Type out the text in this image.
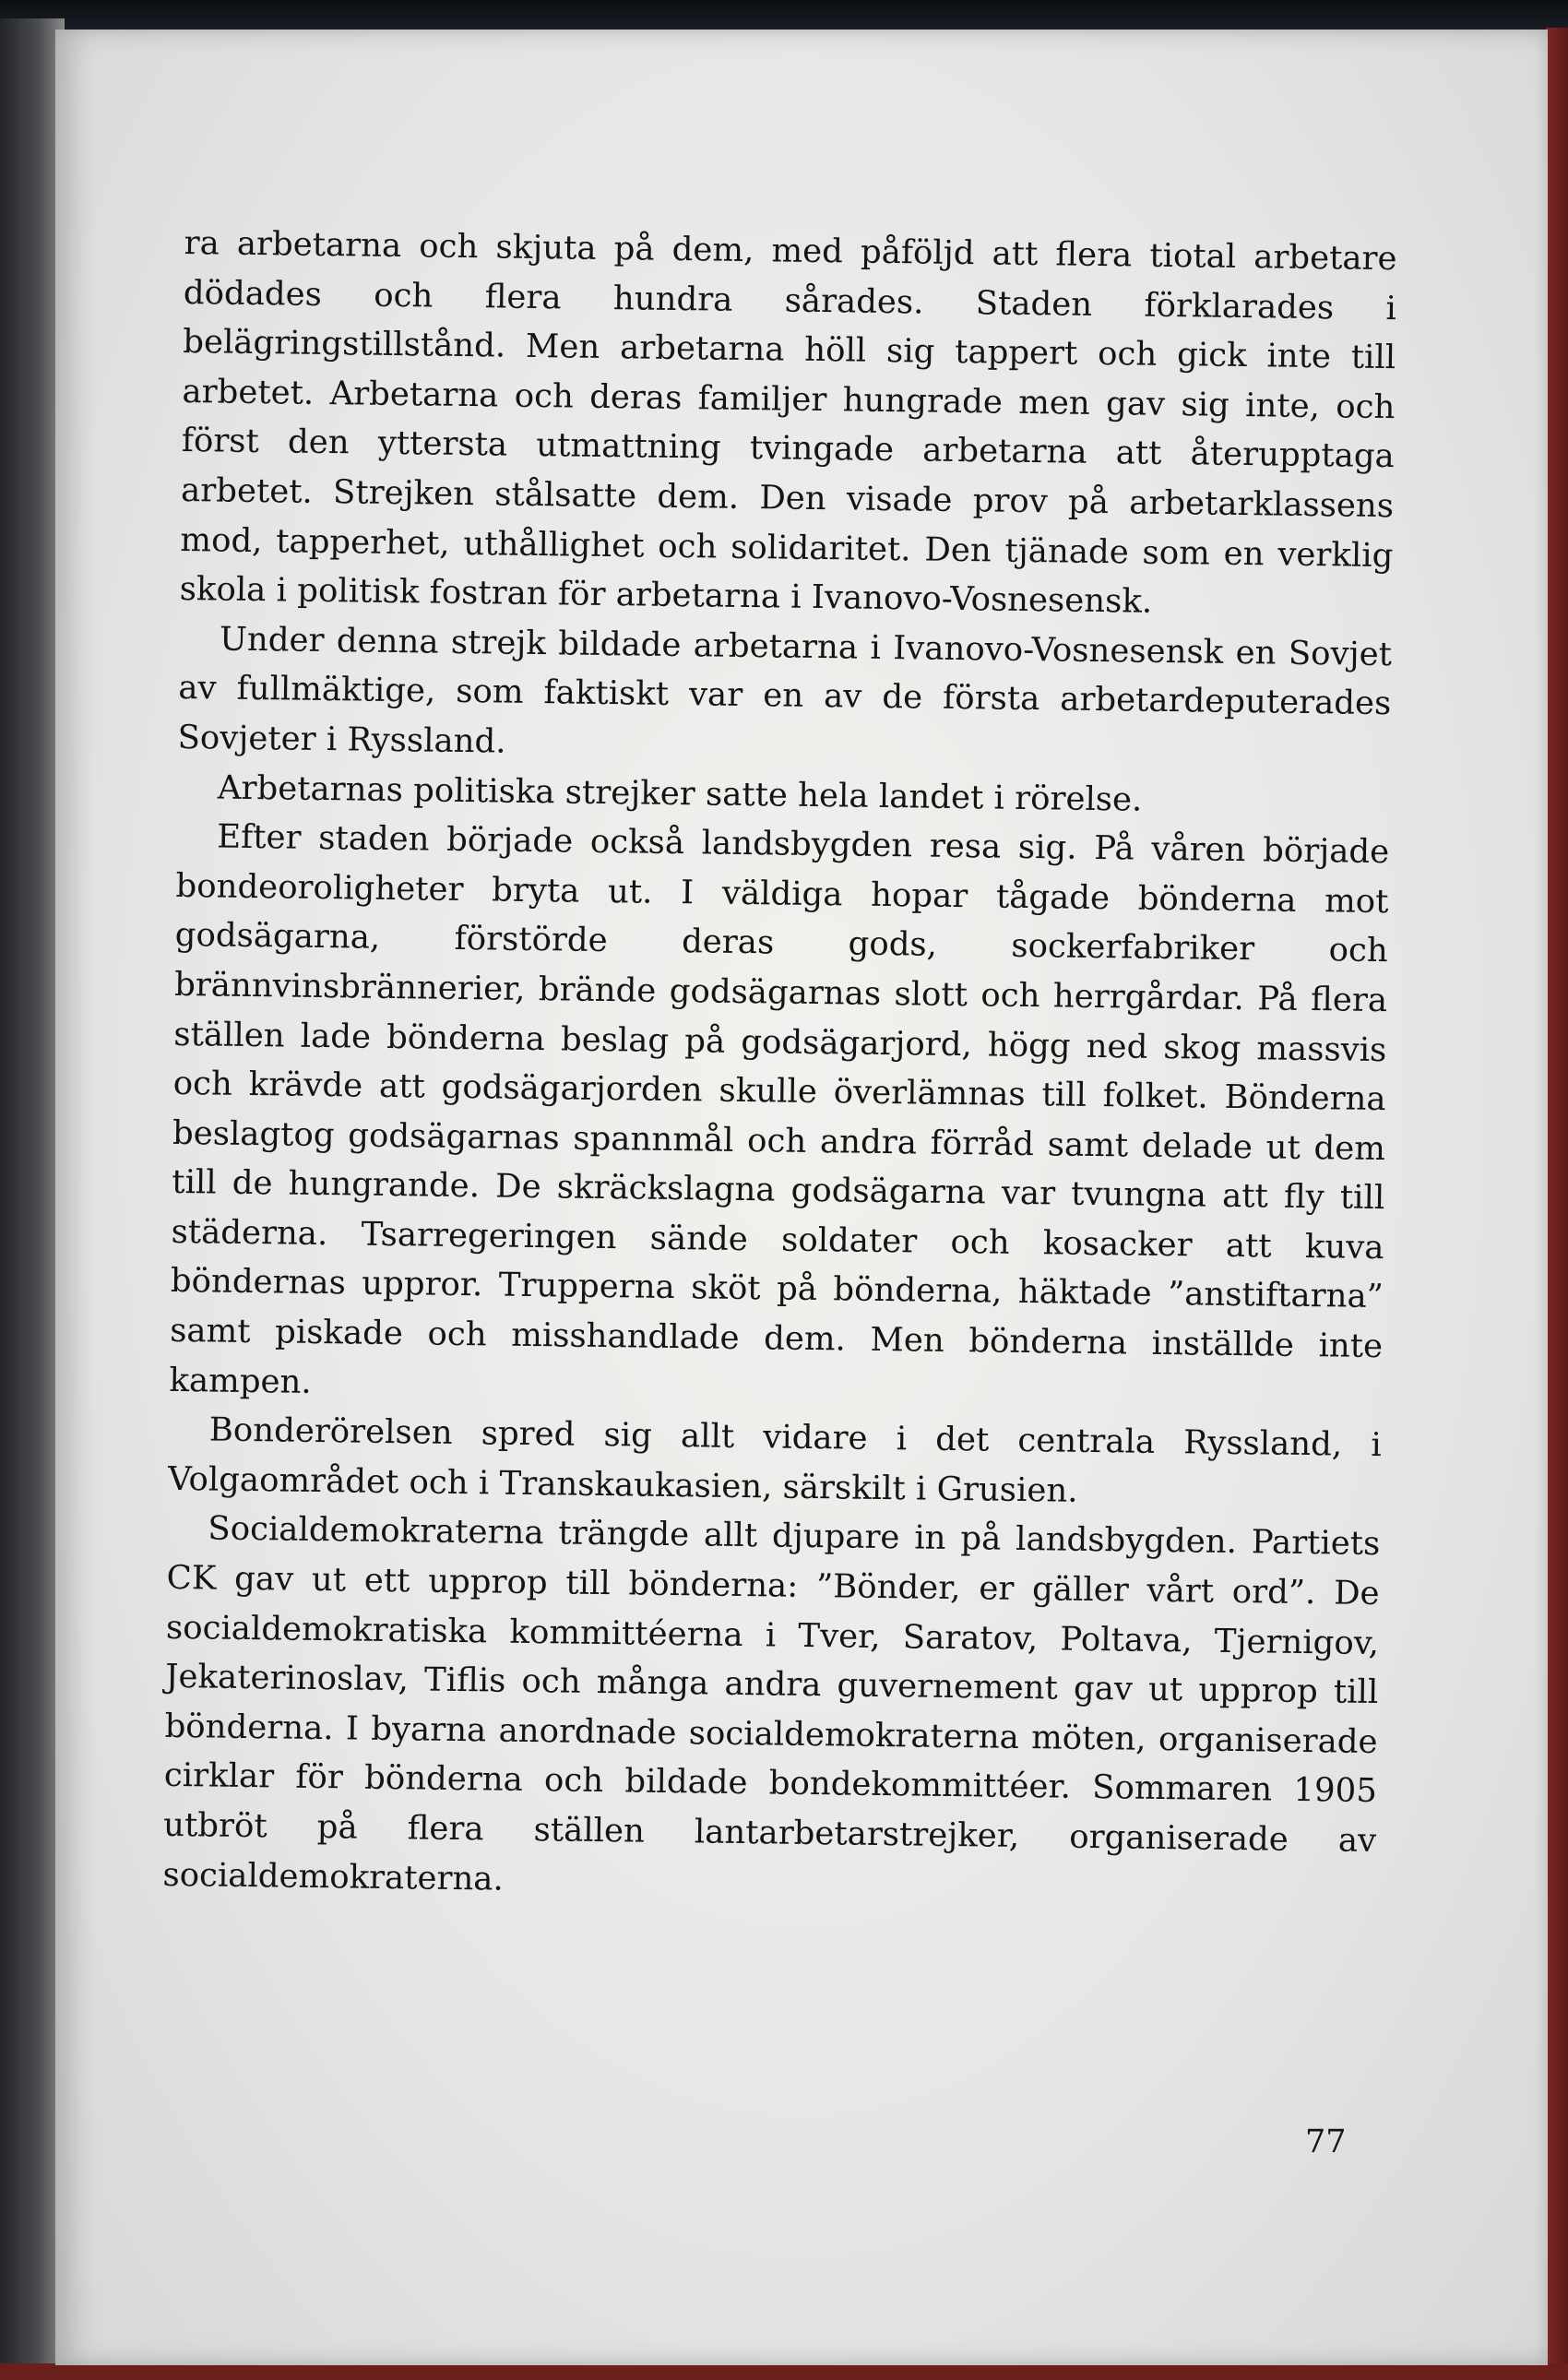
ra arbetarna och skjuta på dem, med påföljd att flera tiotal arbetare dödades och flera hundra sårades. Staden förklarades i belägringstillstånd. Men arbetarna höll sig tappert och gick inte till arbetet. Arbetarna och deras familjer hungrade men gav sig inte, och först den yttersta utmattning tvingade arbetarna att återupptaga arbetet. Strejken stålsatte dem. Den visade prov på arbetarklassens mod, tapperhet, uthållighet och solidaritet. Den tjänade som en verklig skola i politisk fostran för arbetarna i Ivanovo-Vosnesensk.

Under denna strejk bildade arbetarna i Ivanovo-Vosnesensk en Sovjet av fullmäktige, som faktiskt var en av de första arbetardeputerades Sovjeter i Ryssland.

Arbetarnas politiska strejker satte hela landet i rörelse.

Efter staden började också landsbygden resa sig. På våren började bondeoroligheter bryta ut. I väldiga hopar tågade bönderna mot godsägarna, förstörde deras gods, sockerfabriker och brännvinsbrännerier, brände godsägarnas slott och herrgårdar. På flera ställen lade bönderna beslag på godsägarjord, högg ned skog massvis och krävde att godsägarjorden skulle överlämnas till folket. Bönderna beslagtog godsägarnas spannmål och andra förråd samt delade ut dem till de hungrande. De skräckslagna godsägarna var tvungna att fly till städerna. Tsarregeringen sände soldater och kosacker att kuva böndernas uppror. Trupperna sköt på bönderna, häktade ”anstiftarna” samt piskade och misshandlade dem. Men bönderna inställde inte kampen.

Bonderörelsen spred sig allt vidare i det centrala Ryssland, i Volgaområdet och i Transkaukasien, särskilt i Grusien.

Socialdemokraterna trängde allt djupare in på landsbygden. Partiets CK gav ut ett upprop till bönderna: ”Bönder, er gäller vårt ord”. De socialdemokratiska kommittéerna i Tver, Saratov, Poltava, Tjernigov, Jekaterinoslav, Tiflis och många andra guvernement gav ut upprop till bönderna. I byarna anordnade socialdemokraterna möten, organiserade cirklar för bönderna och bildade bondekommittéer. Sommaren 1905 utbröt på flera ställen lantarbetarstrejker, organiserade av socialdemokraterna.

77
